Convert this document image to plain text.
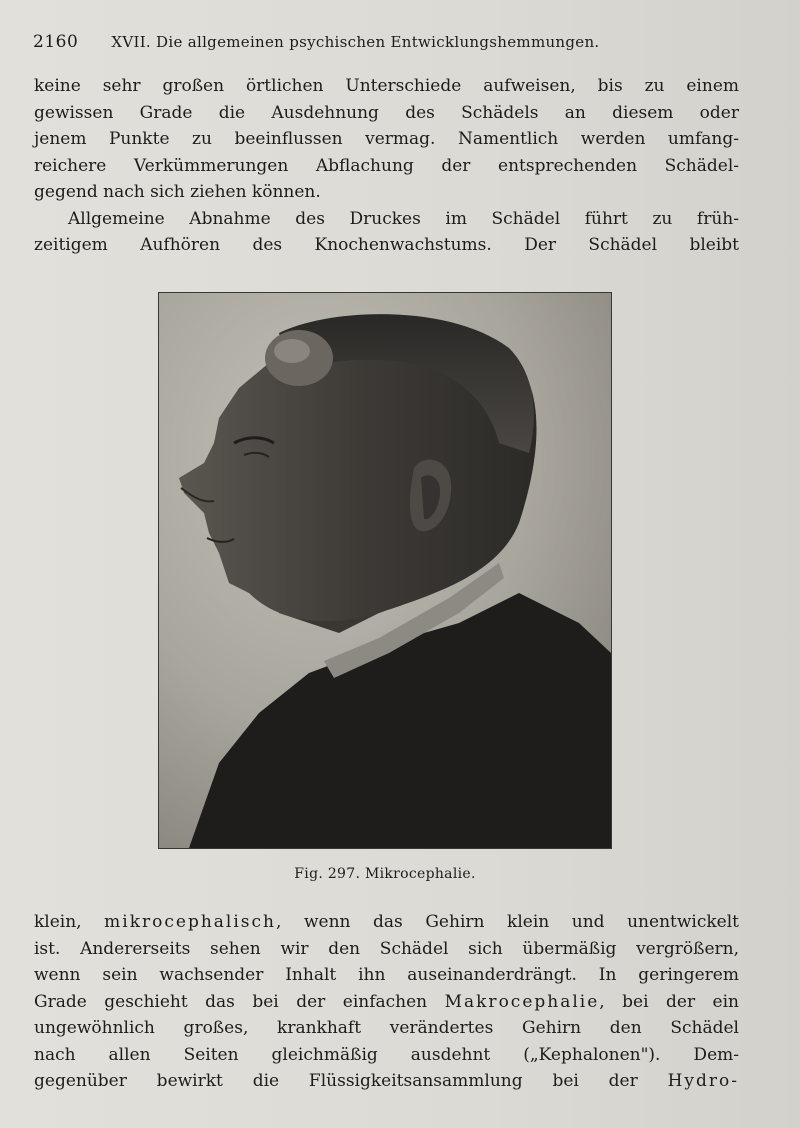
2160 XVII. Die allgemeinen psychischen Entwicklungshemmungen.
keine sehr großen örtlichen Unterschiede aufweisen, bis zu einem
gewissen Grade die Ausdehnung des Schädels an diesem oder
jenem Punkte zu beeinflussen vermag. Namentlich werden umfang-
reichere Verkümmerungen Abflachung der entsprechenden Schädel-
gegend nach sich ziehen können.
Allgemeine Abnahme des Druckes im Schädel führt zu früh-
zeitigem Aufhören des Knochenwachstums. Der Schädel bleibt
Fig. 297. Mikrocephalie.
klein, mikrocephalisch, wenn das Gehirn klein und unentwickelt
ist. Andererseits sehen wir den Schädel sich übermäßig vergrößern,
wenn sein wachsender Inhalt ihn auseinanderdrängt. In geringerem
Grade geschieht das bei der einfachen Makrocephalie, bei der ein
ungewöhnlich großes, krankhaft verändertes Gehirn den Schädel
nach allen Seiten gleichmäßig ausdehnt („Kephalonen"). Dem-
gegenüber bewirkt die Flüssigkeitsansammlung bei der Hydro-
